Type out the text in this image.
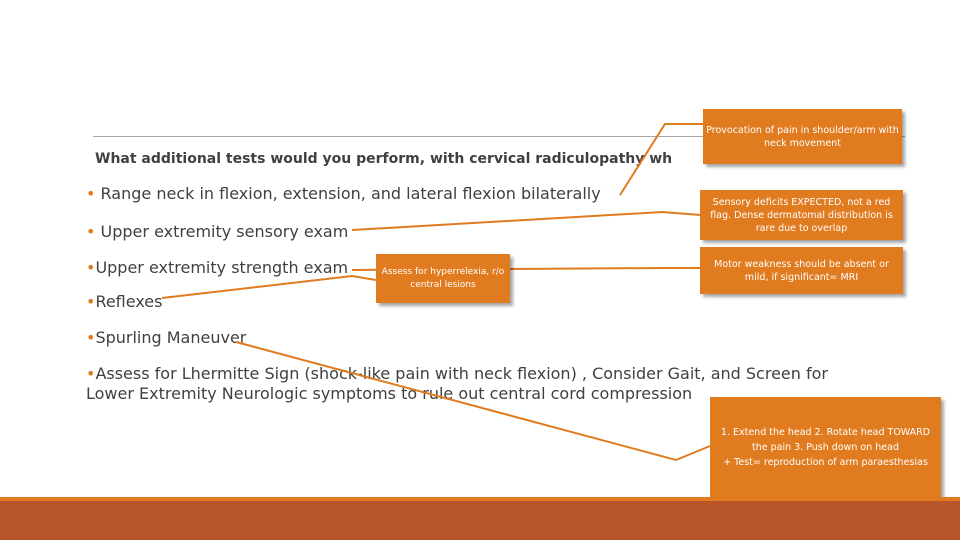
What additional tests would you perform, with cervical radiculopathy wh
• Range neck in flexion, extension, and lateral flexion bilaterally
• Upper extremity sensory exam
•Upper extremity strength exam
•Reflexes
•Spurling Maneuver
•Assess for Lhermitte Sign (shock-like pain with neck flexion) , Consider Gait, and Screen for Lower Extremity Neurologic symptoms to rule out central cord compression
Provocation of pain in shoulder/arm with neck movement
Sensory deficits EXPECTED, not a red flag. Dense dermatomal distribution is rare due to overlap
Motor weakness should be absent or mild, if significant= MRI
Assess for hyperrelexia, r/o central lesions
1. Extend the head 2. Rotate head TOWARD the pain 3. Push down on head
+ Test= reproduction of arm paraesthesias
